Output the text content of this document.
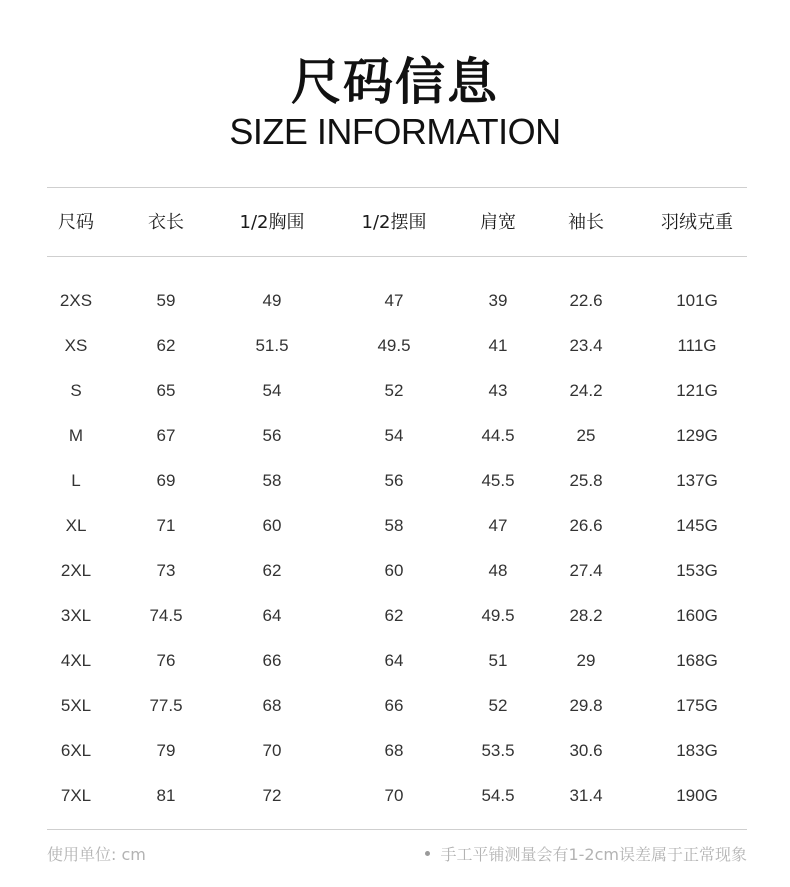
尺码信息
SIZE INFORMATION
尺码	衣长	1/2胸围	1/2摆围	肩宽	袖长	羽绒克重
2XS	59	49	47	39	22.6	101G
XS	62	51.5	49.5	41	23.4	111G
S	65	54	52	43	24.2	121G
M	67	56	54	44.5	25	129G
L	69	58	56	45.5	25.8	137G
XL	71	60	58	47	26.6	145G
2XL	73	62	60	48	27.4	153G
3XL	74.5	64	62	49.5	28.2	160G
4XL	76	66	64	51	29	168G
5XL	77.5	68	66	52	29.8	175G
6XL	79	70	68	53.5	30.6	183G
7XL	81	72	70	54.5	31.4	190G
使用单位: cm	手工平铺测量会有1-2cm误差属于正常现象
